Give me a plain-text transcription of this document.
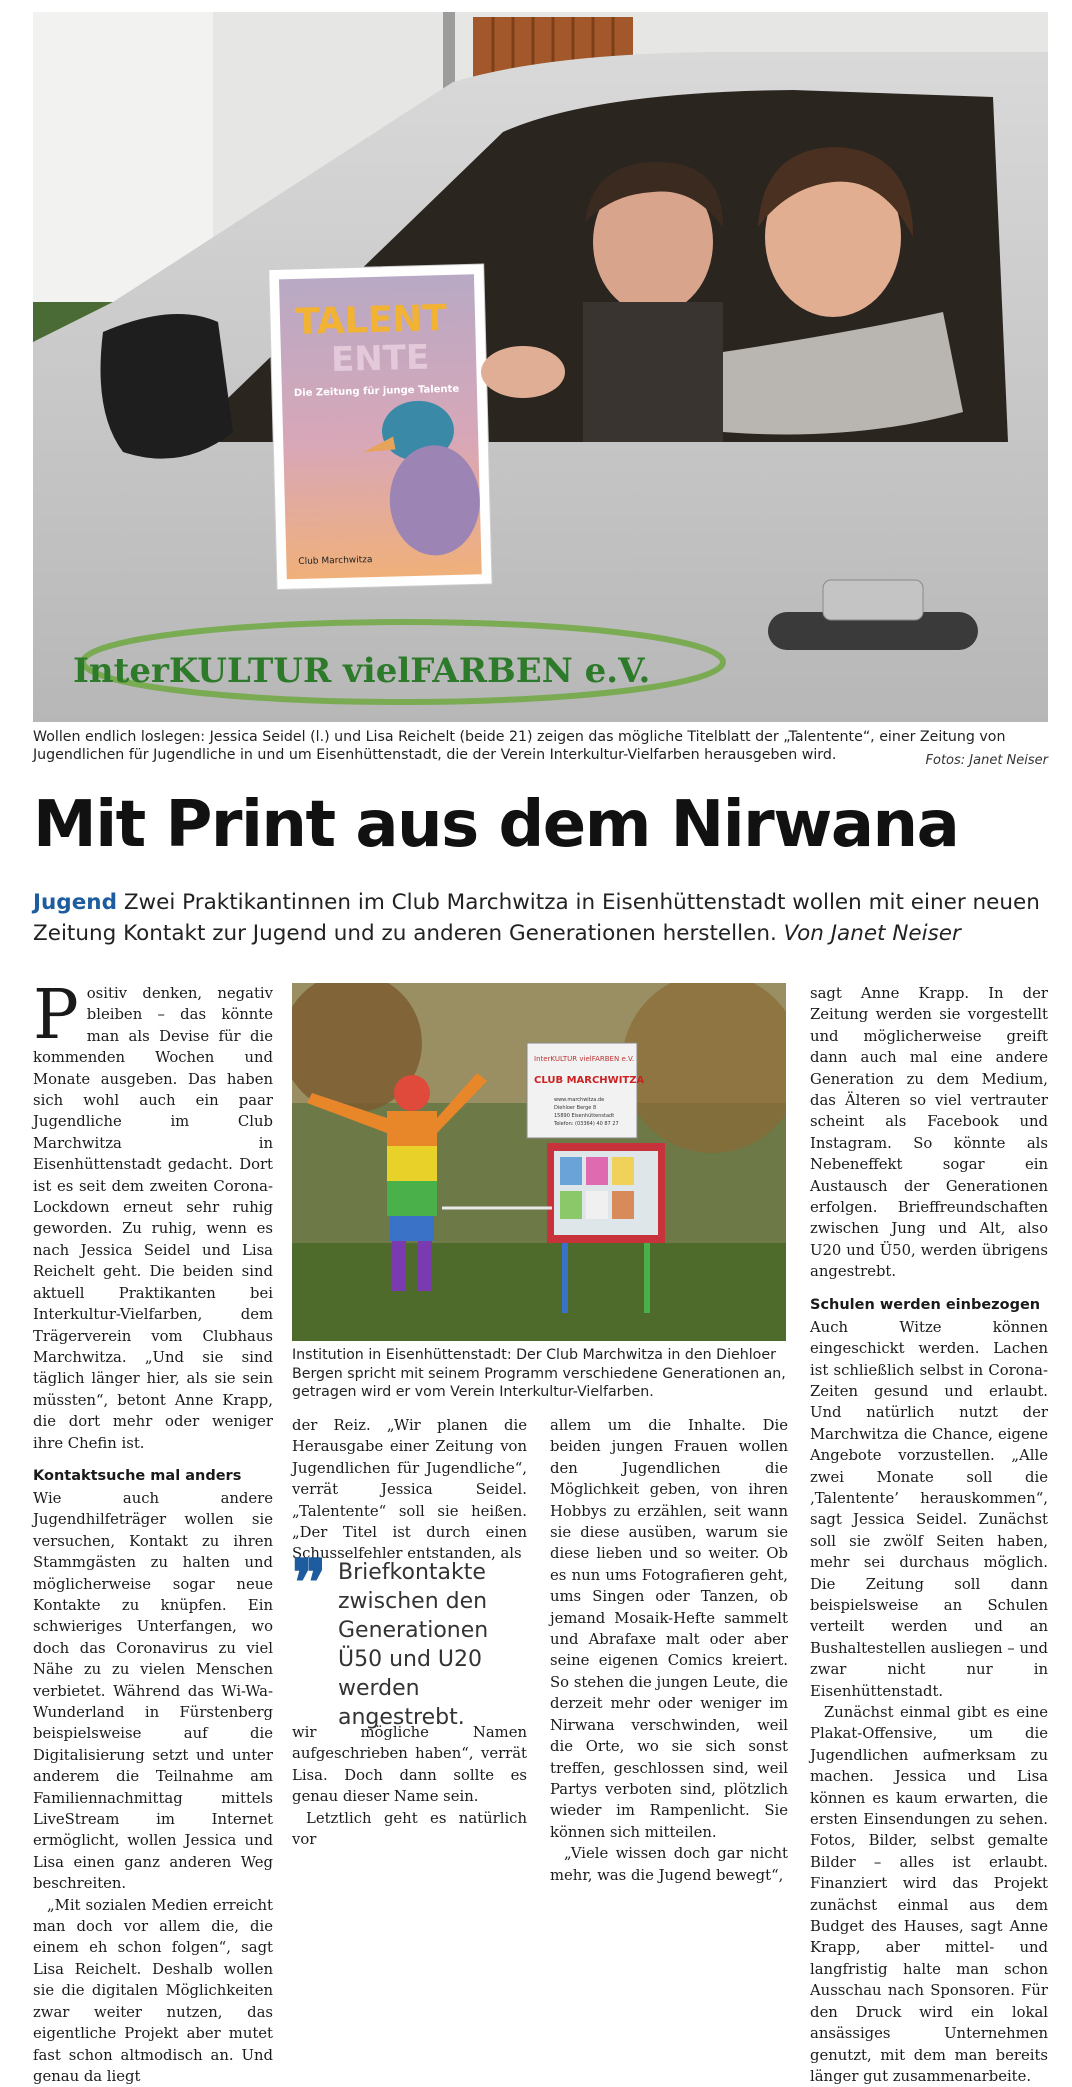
InterKULTUR vielFARBEN e.V.
TALENT
ENTE
Die Zeitung für junge Talente
Club Marchwitza
Wollen endlich loslegen: Jessica Seidel (l.) und Lisa Reichelt (beide 21) zeigen das mögliche Titelblatt der „Talentente“, einer Zeitung von Jugendlichen für Jugendliche in und um Eisenhüttenstadt, die der Verein Interkultur-Vielfarben herausgeben wird.	Fotos: Janet Neiser
Mit Print aus dem Nirwana
Jugend Zwei Praktikantinnen im Club Marchwitza in Eisenhüttenstadt wollen mit einer neuen Zeitung Kontakt zur Jugend und zu anderen Generationen herstellen. Von Janet Neiser

Positiv denken, negativ bleiben – das könnte man als Devise für die kommenden Wochen und Monate ausgeben. Das haben sich wohl auch ein paar Jugendliche im Club Marchwitza in Eisenhüttenstadt gedacht. Dort ist es seit dem zweiten Corona-Lockdown erneut sehr ruhig geworden. Zu ruhig, wenn es nach Jessica Seidel und Lisa Reichelt geht. Die beiden sind aktuell Praktikanten bei Interkultur-Vielfarben, dem Trägerverein vom Clubhaus Marchwitza. „Und sie sind täglich länger hier, als sie sein müssten“, betont Anne Krapp, die dort mehr oder weniger ihre Chefin ist.

Kontaktsuche mal anders

Wie auch andere Jugendhilfeträger wollen sie versuchen, Kontakt zu ihren Stammgästen zu halten und möglicherweise sogar neue Kontakte zu knüpfen. Ein schwieriges Unterfangen, wo doch das Coronavirus zu viel Nähe zu zu vielen Menschen verbietet. Während das Wi-Wa-Wunderland in Fürstenberg beispielsweise auf die Digitalisierung setzt und unter anderem die Teilnahme am Familiennachmittag mittels LiveStream im Internet ermöglicht, wollen Jessica und Lisa einen ganz anderen Weg beschreiten.

„Mit sozialen Medien erreicht man doch vor allem die, die einem eh schon folgen“, sagt Lisa Reichelt. Deshalb wollen sie die digitalen Möglichkeiten zwar weiter nutzen, das eigentliche Projekt aber mutet fast schon altmodisch an. Und genau da liegt

InterKULTUR vielFARBEN e.V.
CLUB MARCHWITZA
www.marchwitza.de
Diehloer Berge 8
15890 Eisenhüttenstadt
Telefon: (03364) 40 87 27
Institution in Eisenhüttenstadt: Der Club Marchwitza in den Diehloer Bergen spricht mit seinem Programm verschiedene Generationen an, getragen wird er vom Verein Interkultur-Vielfarben.

der Reiz. „Wir planen die Herausgabe einer Zeitung von Jugendlichen für Jugendliche“, verrät Jessica Seidel. „Talentente“ soll sie heißen. „Der Titel ist durch einen Schusselfehler entstanden, als

❞ Briefkontakte zwischen den Generationen Ü50 und U20 werden angestrebt.

wir mögliche Namen aufgeschrieben haben“, verrät Lisa. Doch dann sollte es genau dieser Name sein.

Letztlich geht es natürlich vor

allem um die Inhalte. Die beiden jungen Frauen wollen den Jugendlichen die Möglichkeit geben, von ihren Hobbys zu erzählen, seit wann sie diese ausüben, warum sie diese lieben und so weiter. Ob es nun ums Fotografieren geht, ums Singen oder Tanzen, ob jemand Mosaik-Hefte sammelt und Abrafaxe malt oder aber seine eigenen Comics kreiert. So stehen die jungen Leute, die derzeit mehr oder weniger im Nirwana verschwinden, weil die Orte, wo sie sich sonst treffen, geschlossen sind, weil Partys verboten sind, plötzlich wieder im Rampenlicht. Sie können sich mitteilen.

„Viele wissen doch gar nicht mehr, was die Jugend bewegt“,

sagt Anne Krapp. In der Zeitung werden sie vorgestellt und möglicherweise greift dann auch mal eine andere Generation zu dem Medium, das Älteren so viel vertrauter scheint als Facebook und Instagram. So könnte als Nebeneffekt sogar ein Austausch der Generationen erfolgen. Brieffreundschaften zwischen Jung und Alt, also U20 und Ü50, werden übrigens angestrebt.

Schulen werden einbezogen

Auch Witze können eingeschickt werden. Lachen ist schließlich selbst in Corona-Zeiten gesund und erlaubt. Und natürlich nutzt der Marchwitza die Chance, eigene Angebote vorzustellen. „Alle zwei Monate soll die ‚Talentente’ herauskommen“, sagt Jessica Seidel. Zunächst soll sie zwölf Seiten haben, mehr sei durchaus möglich. Die Zeitung soll dann beispielsweise an Schulen verteilt werden und an Bushaltestellen ausliegen – und zwar nicht nur in Eisenhüttenstadt.

Zunächst einmal gibt es eine Plakat-Offensive, um die Jugendlichen aufmerksam zu machen. Jessica und Lisa können es kaum erwarten, die ersten Einsendungen zu sehen. Fotos, Bilder, selbst gemalte Bilder – alles ist erlaubt. Finanziert wird das Projekt zunächst einmal aus dem Budget des Hauses, sagt Anne Krapp, aber mittel- und langfristig halte man schon Ausschau nach Sponsoren. Für den Druck wird ein lokal ansässiges Unternehmen genutzt, mit dem man bereits länger gut zusammenarbeite.
